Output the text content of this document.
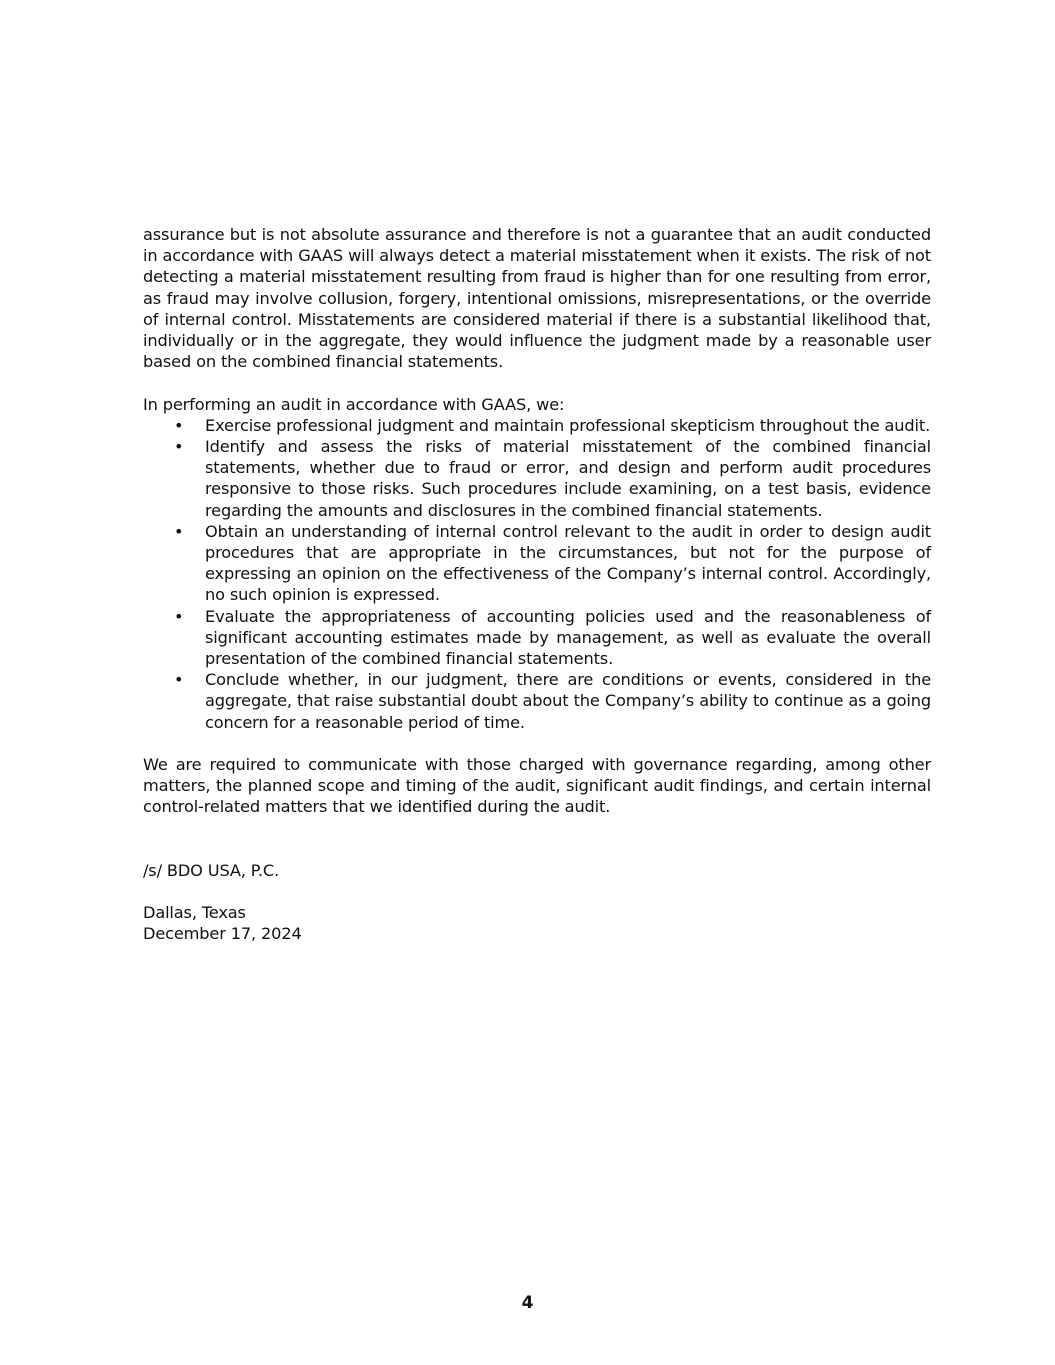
assurance but is not absolute assurance and therefore is not a guarantee that an audit conducted in accordance with GAAS will always detect a material misstatement when it exists. The risk of not detecting a material misstatement resulting from fraud is higher than for one resulting from error, as fraud may involve collusion, forgery, intentional omissions, misrepresentations, or the override of internal control. Misstatements are considered material if there is a substantial likelihood that, individually or in the aggregate, they would influence the judgment made by a reasonable user based on the combined financial statements.

In performing an audit in accordance with GAAS, we:

• Exercise professional judgment and maintain professional skepticism throughout the audit.
• Identify and assess the risks of material misstatement of the combined financial statements, whether due to fraud or error, and design and perform audit procedures responsive to those risks. Such procedures include examining, on a test basis, evidence regarding the amounts and disclosures in the combined financial statements.
• Obtain an understanding of internal control relevant to the audit in order to design audit procedures that are appropriate in the circumstances, but not for the purpose of expressing an opinion on the effectiveness of the Company’s internal control. Accordingly, no such opinion is expressed.
• Evaluate the appropriateness of accounting policies used and the reasonableness of significant accounting estimates made by management, as well as evaluate the overall presentation of the combined financial statements.
• Conclude whether, in our judgment, there are conditions or events, considered in the aggregate, that raise substantial doubt about the Company’s ability to continue as a going concern for a reasonable period of time.

We are required to communicate with those charged with governance regarding, among other matters, the planned scope and timing of the audit, significant audit findings, and certain internal control-related matters that we identified during the audit.

/s/ BDO USA, P.C.

Dallas, Texas

December 17, 2024

4
